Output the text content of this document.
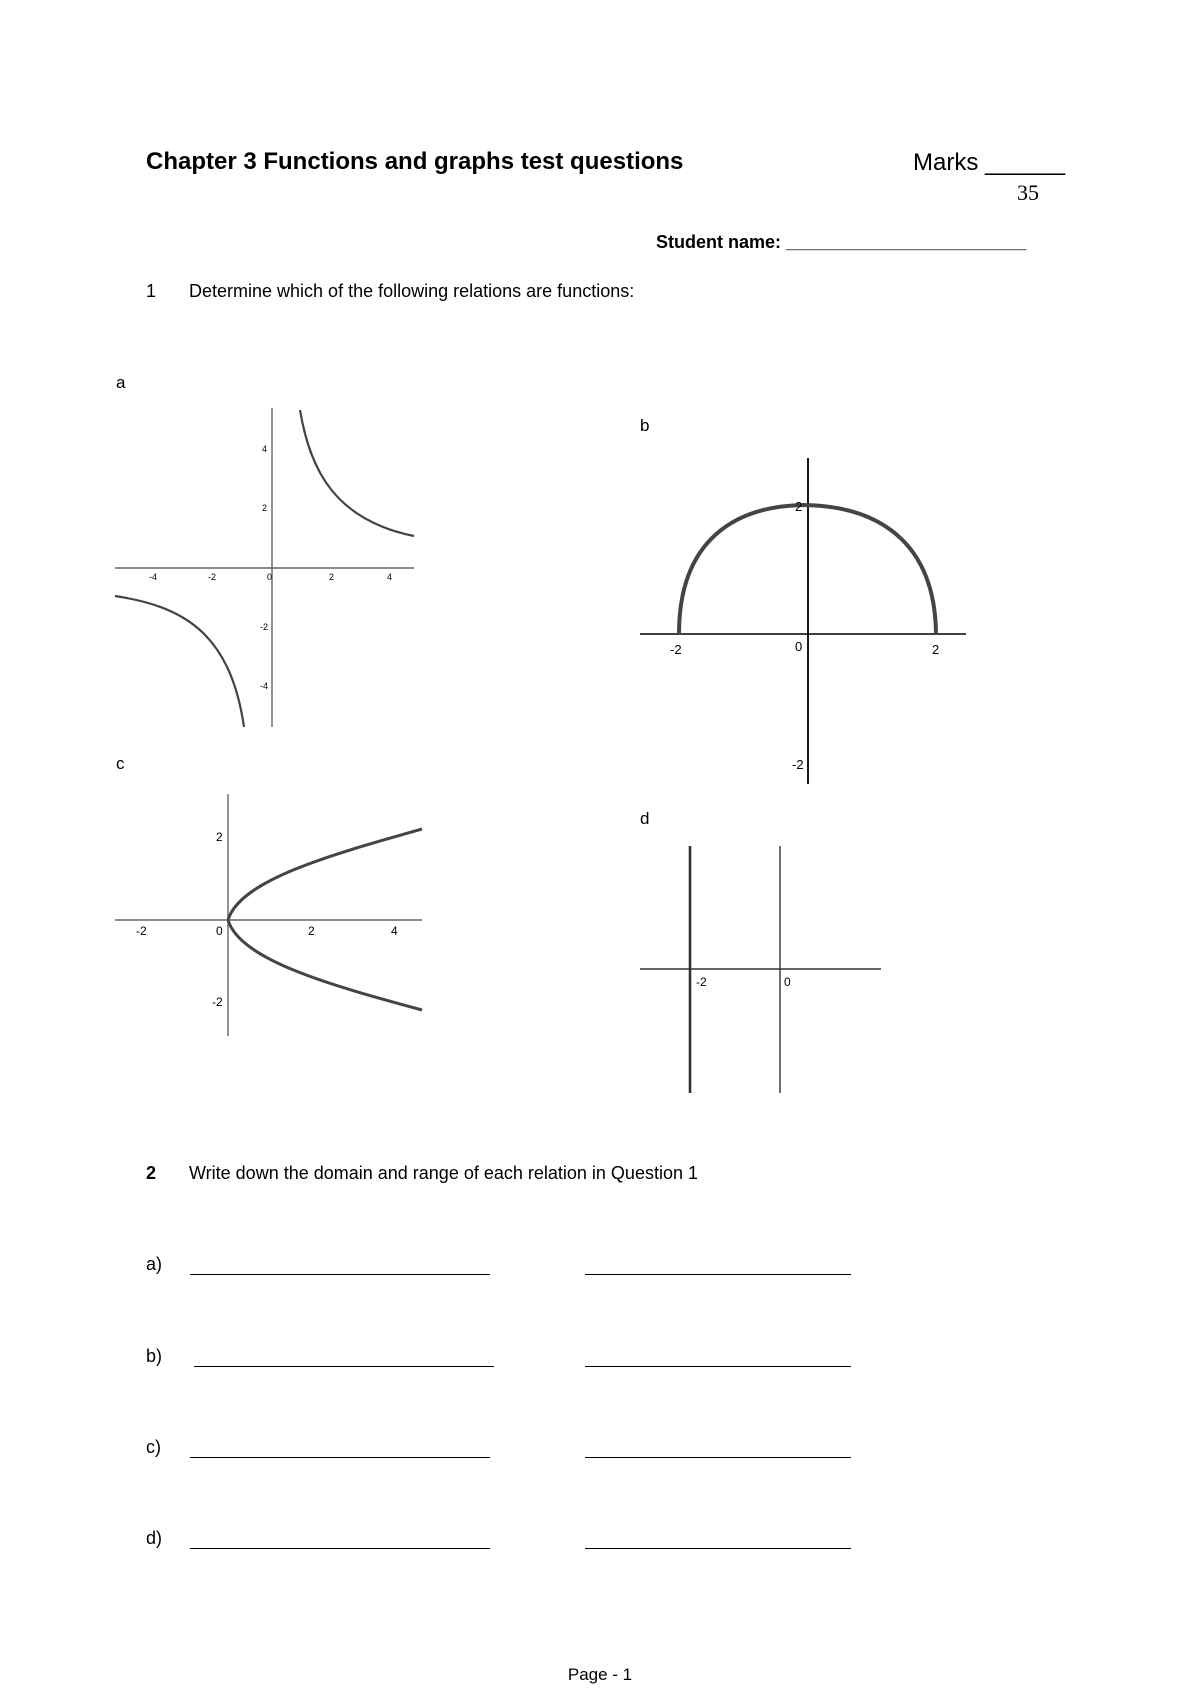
Chapter 3 Functions and graphs test questions	Marks ______
35
Student name: ________________________
1 Determine which of the following relations are functions:
a
-4	-2	0	2	4
4
2
-2
-4
b
2
-2	0	2
-2
c
2
-2	0	2	4
-2
d
-2	0
2 Write down the domain and range of each relation in Question 1
a)
b)
c)
d)
Page - 1
